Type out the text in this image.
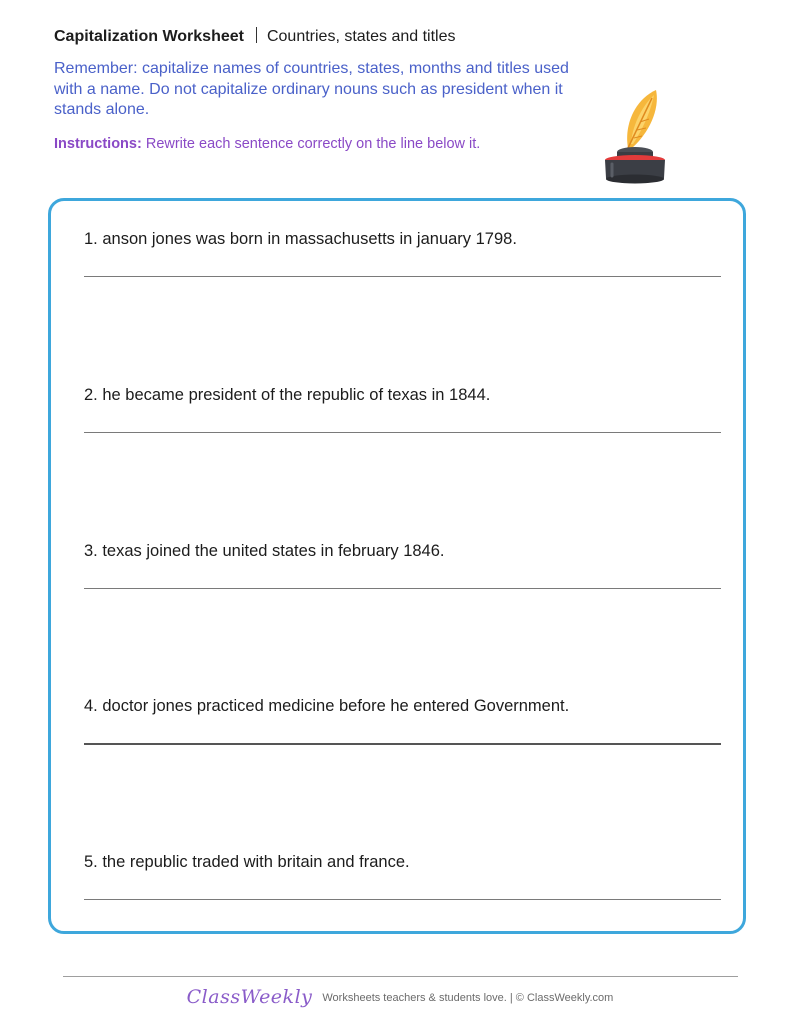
Capitalization Worksheet Countries, states and titles
Remember: capitalize names of countries, states, months and titles used with a name. Do not capitalize ordinary nouns such as president when it stands alone.
Instructions: Rewrite each sentence correctly on the line below it.
1. anson jones was born in massachusetts in january 1798.
2. he became president of the republic of texas in 1844.
3. texas joined the united states in february 1846.
4. doctor jones practiced medicine before he entered Government.
5. the republic traded with britain and france.
ClassWeekly Worksheets teachers & students love. | © ClassWeekly.com
